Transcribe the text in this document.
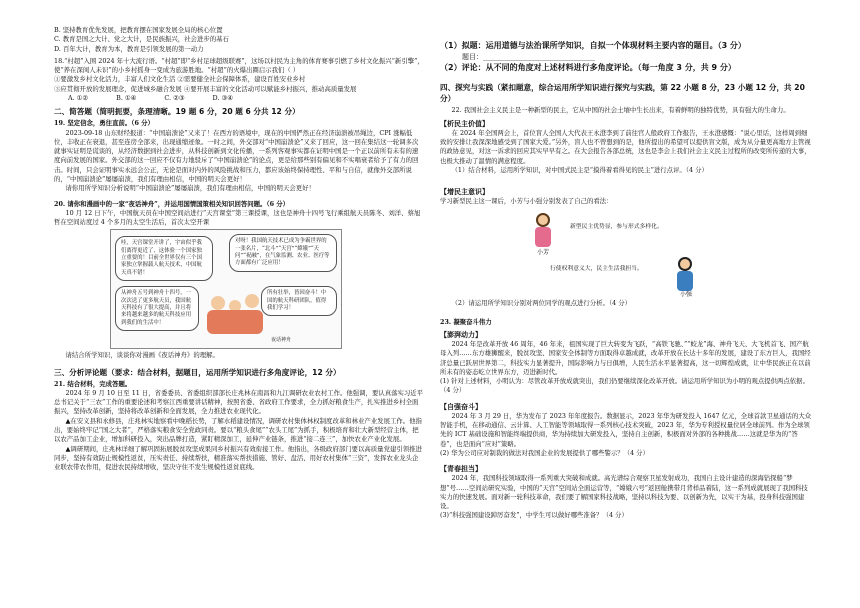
B. 坚持教育优先发展，把教育摆在国家发展全局的核心位置

C. 教育是国之大计、党之大计，是民族振兴，社会进步的基石

D. 百年大计，教育为本，教育是引领发展的第一动力

18.“村超”入围 2024 年十大流行语。“村超”即“乡村足球超级联赛”，这场以村民为主角的体育赛事引燃了乡村文化振兴“新引擎”，使“养在深闺人未识”的小乡村摇身一变成为旅游胜地。“村超”的火爆出圈启示我们（ ）

①要激发乡村文化活力，丰富人们文化生活 ②需要健全社会保障体系，建设百姓安业乡村
③应贯彻开放的发展理念，促进城乡融合发展 ④要开展丰富的文化活动可以赋能乡村振兴，推动高质量发展

A. ①②	B. ①④	C. ②③	D. ③④

二、简答题（简明扼要，条理清晰。19 题 6 分，20 题 6 分共 12 分）

19. 坚定信念，勇往直前。（6 分）

2023-09-18 山东财经报道：“中国崩溃论”又来了！在西方的语境中，现在的中国俨然正在经济崩溃被吊绳边，CPI 涨幅低位，丰收正在衰退，甚至连房全部来，出现通缩迹象。一时之间，外交部对“中国崩溃论”又来了回应，这一回在集结这一轮调多次就事实证明是谎谈的，从经济数据到社会进步，从科技创新到文化传播，一系列客观事实都在证明中国是一个正以前所有未有的速度向前发展的国家。外交部的这一回应不仅有力地驳斥了“中国崩溃论”的论点，更是给那些别有偏见和不实唱衰者给予了有力的回击。时间，只会证明事实永远会公正，无论是面对内外的风险挑战和压力，都应该始终保持理性、平和与自信，就像外交部所说的，“中国崩溃论”屡屡崩溃，我们有理由相信，中国的明天会更好！

请你用所学知识分析说明“中国崩溃论”屡屡崩溃，我们有理由相信，中国的明天会更好！

20. 请你和漫画中的一家“夜话神舟”，并运用国情国策相关知识回答问题。（6 分）

10 月 12 日下午，中国航天员在中国空间站进行“天宫课堂”第三课授课，这也是神舟十四号飞行乘组航天员陈冬、刘洋、蔡旭哲在空间站度过 4 个多月的太空生活后，首次太空开课

哇，天宫课堂开讲了，宇宙似乎我们离得更近了，这体验一个国家独立重要的！目前全世界仅有三个国家独立掌握载人航天技术，中国航天真不错！
对呀！我国航天技术已成为争霸世界的一张名片，“北斗”“天宫”“嫦娥”“天问”“祝融”，在气象监测、农业、医疗等方面都有广泛应用！
从神舟五号到神舟十四号，一次次送了更多航天员，我国航天科技有了很大提高，并且将来将越来越多的航天科技应用到我们的生活中！
所有壮举，皆因奋斗！中国的航天科研团队，值得我们学习！
夜话神舟

请结合所学知识，谈谈你对漫画《夜话神舟》的理解。

三、分析评论题（要求：结合材料，据题目，运用所学知识进行多角度评论，12 分）

21. 结合材料，完成答题。

2024 年 9 月 10 日至 11 日，省委委员、省委组织部部长庄兆林在南昌和九江调研农业农村工作。他强调，要认真落实习近平总书记关于“三农”工作的重要论述和考察江西重要讲话精神，按照省委、省政府工作要求，全力抓好粮食生产，扎实推进乡村全面振兴，坚持改革创新，坚持将改革创新和全面发展，全力推进农业现代化。

▲在安义县和永修县，庄兆林实地察看中晚稻长势，了解水稻建设情况，调研农村集体林权制度改革和林业产业发展工作。他指出，要始终牢记“国之大者”，严格落实粮食安全党政同责。要以“粮头食尾”“农头工尾”为抓手，积极培育和壮大新型经营主体，把以农产品加工企业，增加科研投入，突出品牌打造，紧盯精深加工，延伸产业链条，推进“接二连三”，加快农业产业化发展。

▲调研期间，庄兆林详细了解巩固拓展脱贫攻坚成果同乡村振兴有效衔接工作。他指出，各级政府部门要以高质量党建引领推进同步，坚持有效防止规模性返贫，压实责任、持续帮扶，精准落实帮扶措施、管好、盘活、用好农村集体“三资”，发挥农业龙头企业联农带农作用，促进农民持续增收，坚决守住不发生规模性返贫底线。

（1）拟题：运用道德与法治课所学知识，自拟一个体现材料主要内容的题目。（3 分）

题目：________________________________

（2）评论：从不同的角度对上述材料进行多角度评论。（每一角度 3 分，共 9 分）

四、探究与实践（紧扣题意，综合运用所学知识进行探究与实践，第 22 小题 8 分，23 小题 12 分，共 20 分）

22. 我国社会主义民主是一种新型的民主，它从中国的社会土壤中生长出来，有着鲜明的独特优势，具有强大的生命力。

【析民主价值】

在 2024 年全国两会上，首位盲人全国人大代表王永澄李到了前往官人般政府工作报告，王永澄感慨：“说心里话，这样周到细致的安排让我深深地感受到了国家大爱。”另外，盲人也不曾想到的是，他所提出的希望可以提供盲文版，成为从分量更高地方主管视的政协意见，对这一诉求的回应其实早早有之。在大会报告各部总统，这也是李会上我们社会主义民主过程所的改变所传递的大事，也极大推动了温情的满意程度。

（1）结合材料，运用所学知识，对中国式民主是“摸得着看得见的民主”进行点评。（4 分）

【增民主意识】

学习新型民主这一课后，小芳与小强分别发表了自己的看法：

新型民主优势显，参与形式多样化。
小芳
行使权利意义大，民主生活我担当。

小强

（2）请运用所学知识分别对两位同学的观点进行分析。（4 分）

23. 凝聚奋斗伟力

【澎湃动力】

2024 年是改革开放 46 周年，46 年来，祖国实现了巨大转变为飞跃，“高铁飞驰、”“蛟龙”海、神舟飞天、大飞机首飞、国产航母入列……东方雄狮醒来，脱贫攻坚、国家安全体制等方面取得卓越成就，改革开放在长达十多年的发展，建设了东方巨人，我国经济总量已跃居世界第二，科技实力显著提升，国际影响力与日俱增，人民生活水平显著提高，这一切辉煌成就，让中华民族正在以前所未有的姿态屹立世界东方，迈进新时代。

(1) 针对上述材料，小明认为：尽管改革开放成就突出，我们仍要继续深化改革开放。请运用所学知识为小明的观点提供两点依据。（4 分）

【自强奋斗】

2024 年 3 月 29 日，华为发布了 2023 年年度报告。数据显示，2023 年华为研发投入 1647 亿元，全球首款卫星通话的大众智能手机，在移动通信、云计算、人工智能等领域取得一系列核心技术突破，2023 年，华为专利授权量位居全球前列。作为全球领先的 ICT 基础设施和智能终端提供商，华为持续加大研发投入，坚持自主创新，积极面对外部的各种挑战……这就是华为的“答卷”，也是面向“应对”策略。

(2) 华为公司应对制裁的做法对我国企业的发展提供了哪些警示？（4 分）

【青春担当】

2024 年，我国科技领域取得一系列重大突破和成就。高光谱综合观察卫星发射成功，我国自主设计建造的深海钻探船“梦想”号……空间站研究实验，中国的“天宫”空间站全面运营等，“嫦娥六号”返回舱携带月背样品着陆，这一系列成就展现了我国科技实力的快速发展。面对新一轮科技革命，我们要了解国家科技战略，坚持以科技为要、以创新为先，以实干为基，投身科技强国建设。

(3)“科技强国建设踔厉奋发”，中学生可以做好哪些准备？（4 分）
